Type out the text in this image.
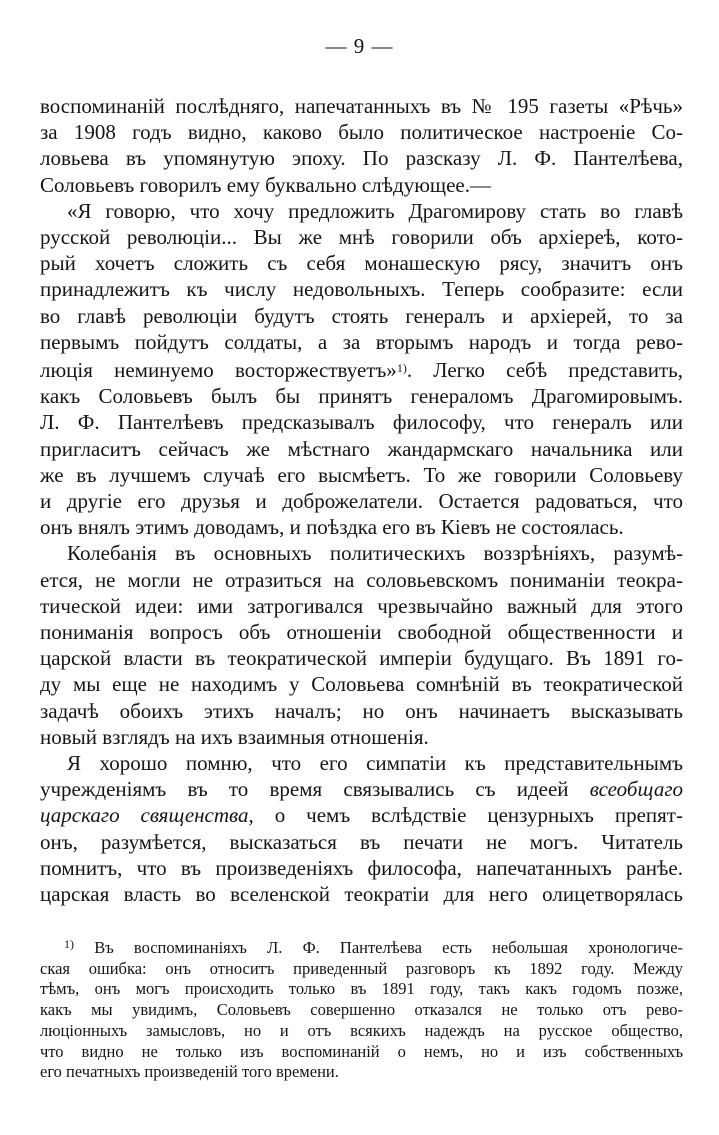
— 9 —
воспоминаній послѣдняго, напечатанныхъ въ № 195 газеты «Рѣчь»
за 1908 годъ видно, каково было политическое настроеніе Со-
ловьева въ упомянутую эпоху. По разсказу Л. Ф. Пантелѣева,
Соловьевъ говорилъ ему буквально слѣдующее.—
«Я говорю, что хочу предложить Драгомирову стать во главѣ
русской революціи... Вы же мнѣ говорили объ архіереѣ, кото-
рый хочетъ сложить съ себя монашескую рясу, значитъ онъ
принадлежитъ къ числу недовольныхъ. Теперь сообразите: если
во главѣ революціи будутъ стоять генералъ и архіерей, то за
первымъ пойдутъ солдаты, а за вторымъ народъ и тогда рево-
люція неминуемо восторжествуетъ»$^{1)}$. Легко себѣ представить,
какъ Соловьевъ былъ бы принятъ генераломъ Драгомировымъ.
Л. Ф. Пантелѣевъ предсказывалъ философу, что генералъ или
пригласитъ сейчасъ же мѣстнаго жандармскаго начальника или
же въ лучшемъ случаѣ его высмѣетъ. То же говорили Соловьеву
и другіе его друзья и доброжелатели. Остается радоваться, что
онъ внялъ этимъ доводамъ, и поѣздка его въ Кіевъ не состоялась.
Колебанія въ основныхъ политическихъ воззрѣніяхъ, разумѣ-
ется, не могли не отразиться на соловьевскомъ пониманіи теокра-
тической идеи: ими затрогивался чрезвычайно важный для этого
пониманія вопросъ объ отношеніи свободной общественности и
царской власти въ теократической имперіи будущаго. Въ 1891 го-
ду мы еще не находимъ у Соловьева сомнѣній въ теократической
задачѣ обоихъ этихъ началъ; но онъ начинаетъ высказывать
новый взглядъ на ихъ взаимныя отношенія.
Я хорошо помню, что его симпатіи къ представительнымъ
учрежденіямъ въ то время связывались съ идеей всеобщаго
царскаго священства, о чемъ вслѣдствіе цензурныхъ препят-
онъ, разумѣется, высказаться въ печати не могъ. Читатель
помнитъ, что въ произведеніяхъ философа, напечатанныхъ ранѣе.
царская власть во вселенской теократіи для него олицетворялась
$^{1)}$ Въ воспоминаніяхъ Л. Ф. Пантелѣева есть небольшая хронологиче-
ская ошибка: онъ относитъ приведенный разговоръ къ 1892 году. Между
тѣмъ, онъ могъ происходить только въ 1891 году, такъ какъ годомъ позже,
какъ мы увидимъ, Соловьевъ совершенно отказался не только отъ рево-
люціонныхъ замысловъ, но и отъ всякихъ надеждъ на русское общество,
что видно не только изъ воспоминаній о немъ, но и изъ собственныхъ
его печатныхъ произведеній того времени.
